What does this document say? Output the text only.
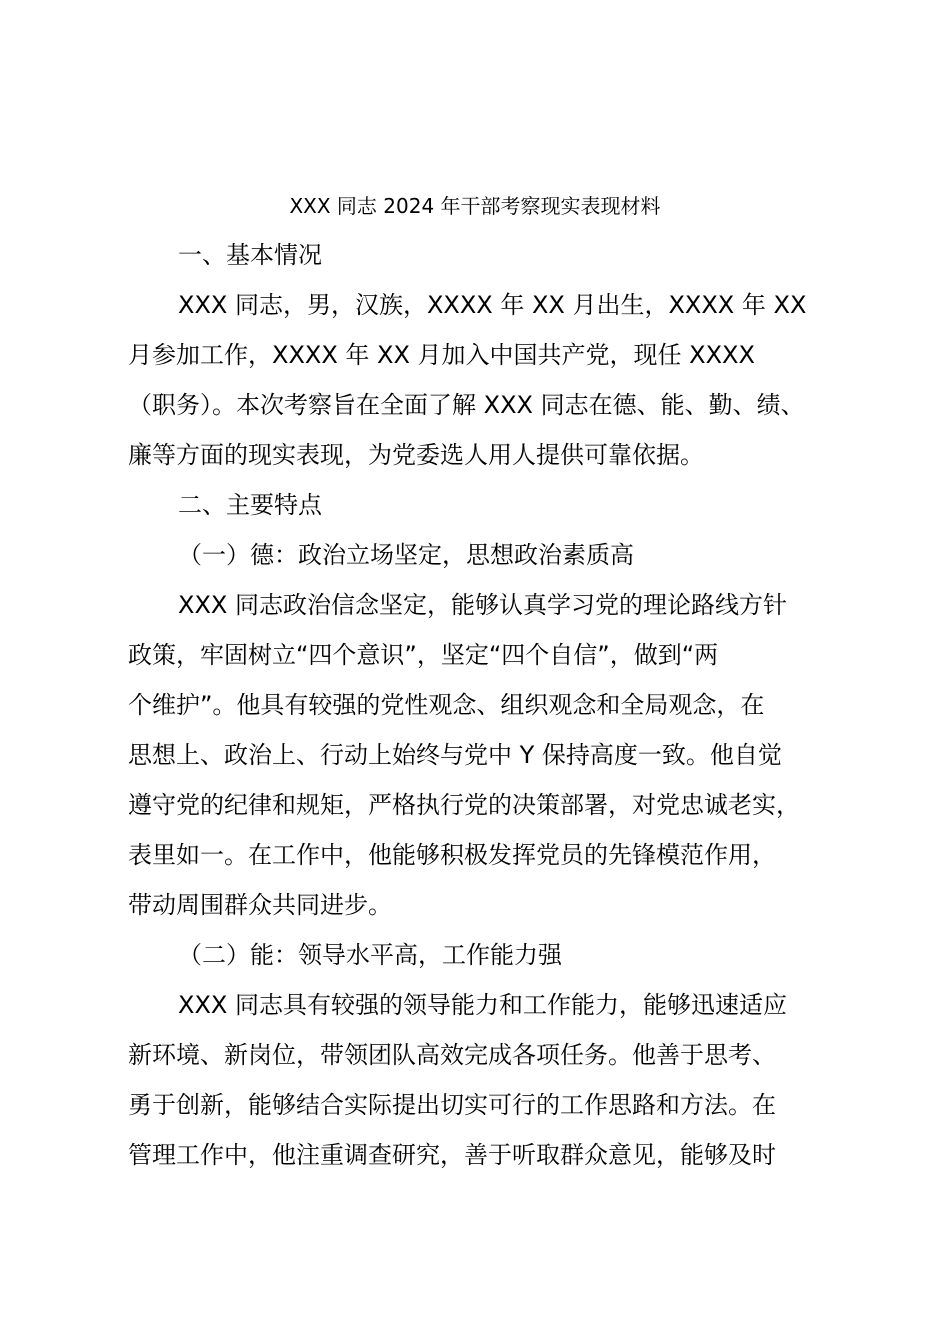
XXX 同志 2024 年干部考察现实表现材料
一、基本情况
XXX 同志，男，汉族，XXXX 年 XX 月出生，XXXX 年 XX
月参加工作，XXXX 年 XX 月加入中国共产党，现任 XXXX
（职务）。本次考察旨在全面了解 XXX 同志在德、能、勤、绩、
廉等方面的现实表现，为党委选人用人提供可靠依据。
二、主要特点
（一）德：政治立场坚定，思想政治素质高
XXX 同志政治信念坚定，能够认真学习党的理论路线方针
政策，牢固树立“四个意识”，坚定“四个自信”，做到“两
个维护”。他具有较强的党性观念、组织观念和全局观念，在
思想上、政治上、行动上始终与党中 Y 保持高度一致。他自觉
遵守党的纪律和规矩，严格执行党的决策部署，对党忠诚老实，
表里如一。在工作中，他能够积极发挥党员的先锋模范作用，
带动周围群众共同进步。
（二）能：领导水平高，工作能力强
XXX 同志具有较强的领导能力和工作能力，能够迅速适应
新环境、新岗位，带领团队高效完成各项任务。他善于思考、
勇于创新，能够结合实际提出切实可行的工作思路和方法。在
管理工作中，他注重调查研究，善于听取群众意见，能够及时
